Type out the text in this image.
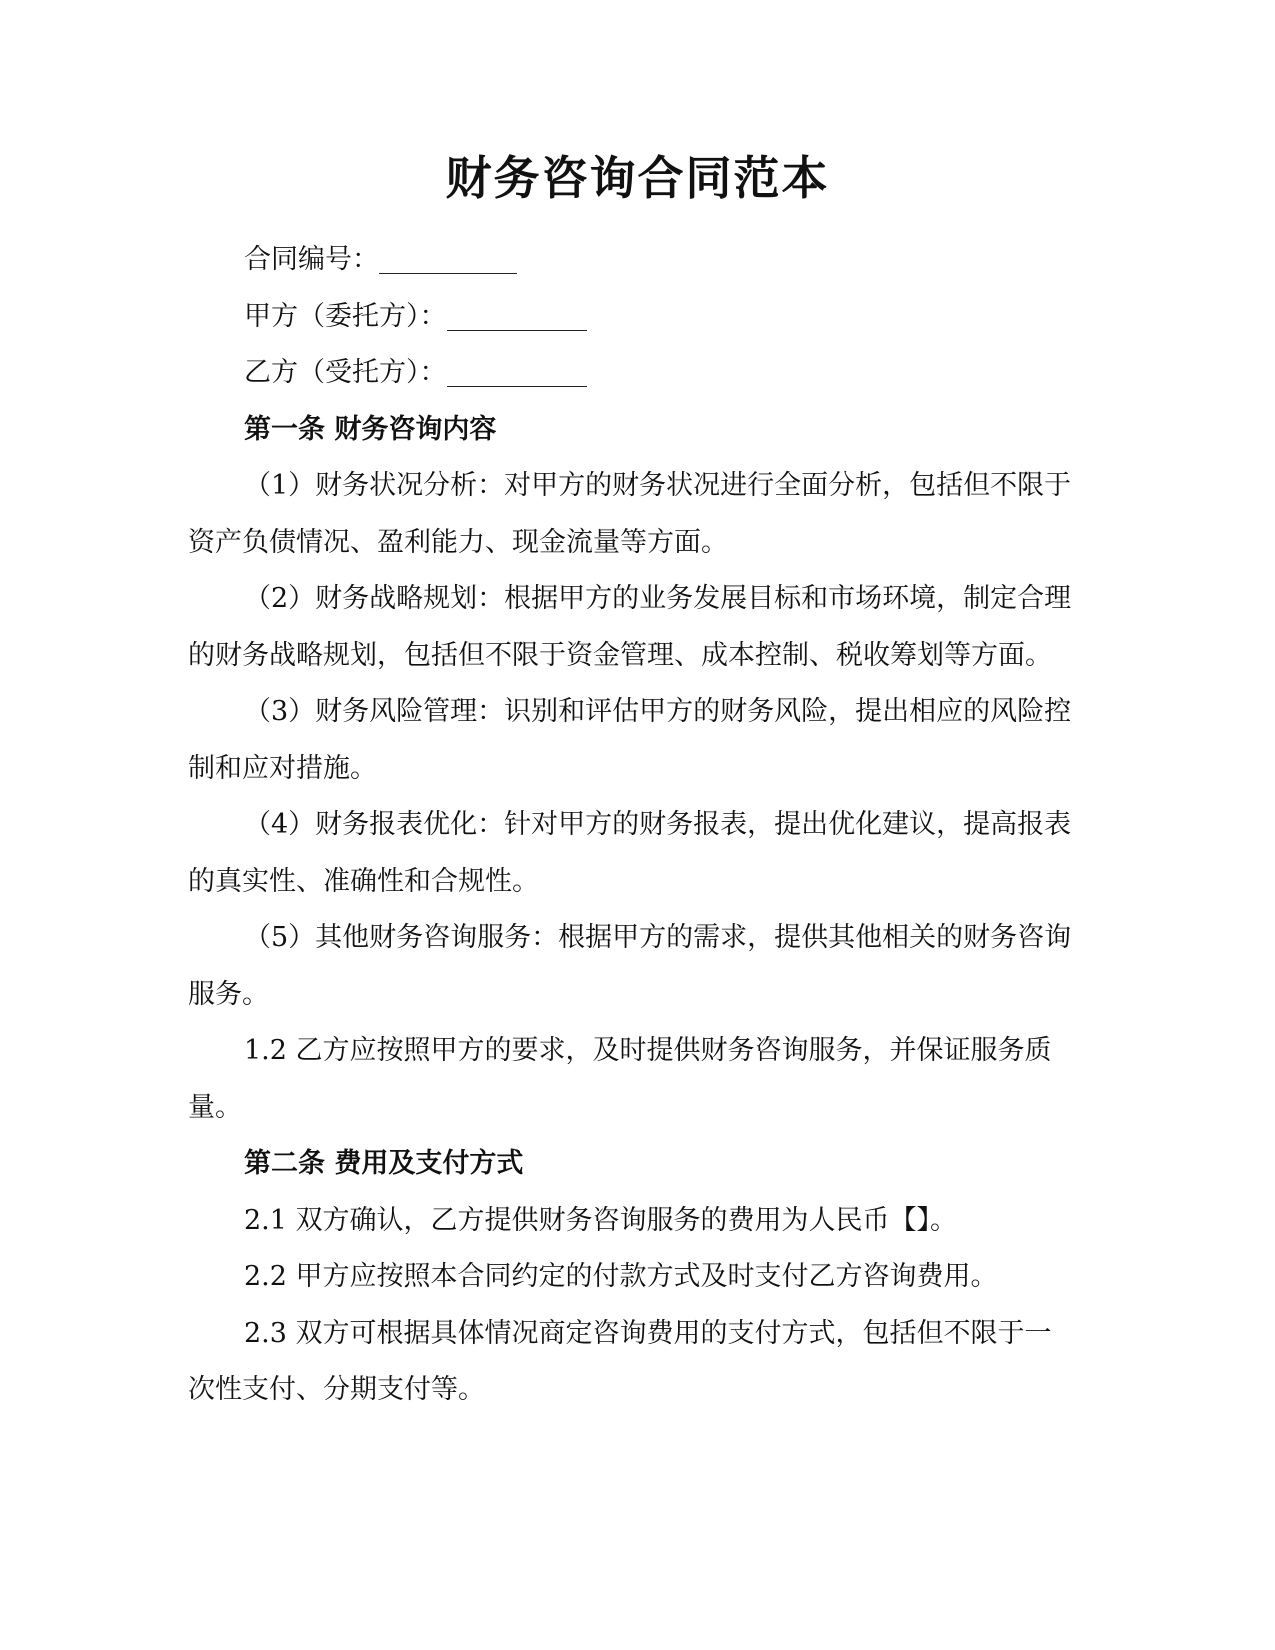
财务咨询合同范本

合同编号：

甲方（委托方）：

乙方（受托方）：

第一条 财务咨询内容

（1）财务状况分析：对甲方的财务状况进行全面分析，包括但不限于资产负债情况、盈利能力、现金流量等方面。

（2）财务战略规划：根据甲方的业务发展目标和市场环境，制定合理的财务战略规划，包括但不限于资金管理、成本控制、税收筹划等方面。

（3）财务风险管理：识别和评估甲方的财务风险，提出相应的风险控制和应对措施。

（4）财务报表优化：针对甲方的财务报表，提出优化建议，提高报表的真实性、准确性和合规性。

（5）其他财务咨询服务：根据甲方的需求，提供其他相关的财务咨询服务。

1.2 乙方应按照甲方的要求，及时提供财务咨询服务，并保证服务质量。

第二条 费用及支付方式

2.1 双方确认，乙方提供财务咨询服务的费用为人民币【】。

2.2 甲方应按照本合同约定的付款方式及时支付乙方咨询费用。

2.3 双方可根据具体情况商定咨询费用的支付方式，包括但不限于一次性支付、分期支付等。
